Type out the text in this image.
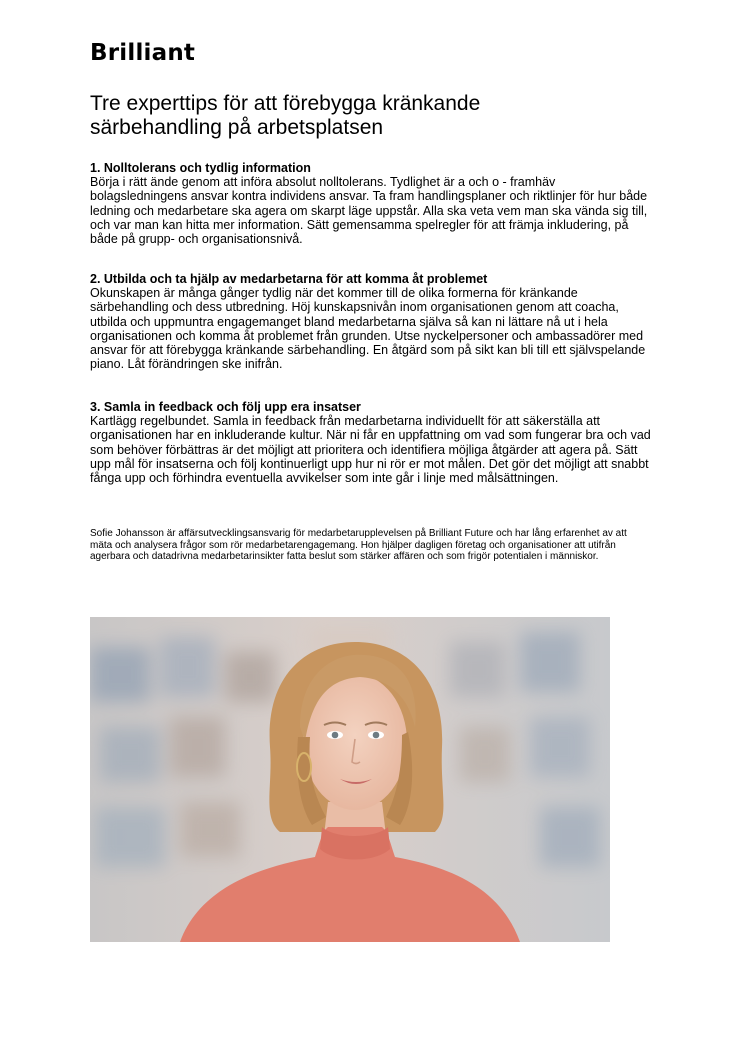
Brilliant
Tre experttips för att förebygga kränkande särbehandling på arbetsplatsen
1. Nolltolerans och tydlig information

Börja i rätt ände genom att införa absolut nolltolerans. Tydlighet är a och o - framhäv bolagsledningens ansvar kontra individens ansvar. Ta fram handlingsplaner och riktlinjer för hur både ledning och medarbetare ska agera om skarpt läge uppstår. Alla ska veta vem man ska vända sig till, och var man kan hitta mer information. Sätt gemensamma spelregler för att främja inkludering, på både på grupp- och organisationsnivå.

2. Utbilda och ta hjälp av medarbetarna för att komma åt problemet

Okunskapen är många gånger tydlig när det kommer till de olika formerna för kränkande särbehandling och dess utbredning. Höj kunskapsnivån inom organisationen genom att coacha, utbilda och uppmuntra engagemanget bland medarbetarna själva så kan ni lättare nå ut i hela organisationen och komma åt problemet från grunden. Utse nyckelpersoner och ambassadörer med ansvar för att förebygga kränkande särbehandling. En åtgärd som på sikt kan bli till ett självspelande piano. Låt förändringen ske inifrån.

3. Samla in feedback och följ upp era insatser

Kartlägg regelbundet. Samla in feedback från medarbetarna individuellt för att säkerställa att organisationen har en inkluderande kultur. När ni får en uppfattning om vad som fungerar bra och vad som behöver förbättras är det möjligt att prioritera och identifiera möjliga åtgärder att agera på. Sätt upp mål för insatserna och följ kontinuerligt upp hur ni rör er mot målen. Det gör det möjligt att snabbt fånga upp och förhindra eventuella avvikelser som inte går i linje med målsättningen.

Sofie Johansson är affärsutvecklingsansvarig för medarbetarupplevelsen på Brilliant Future och har lång erfarenhet av att mäta och analysera frågor som rör medarbetarengagemang. Hon hjälper dagligen företag och organisationer att utifrån agerbara och datadrivna medarbetarinsikter fatta beslut som stärker affären och som frigör potentialen i människor.
